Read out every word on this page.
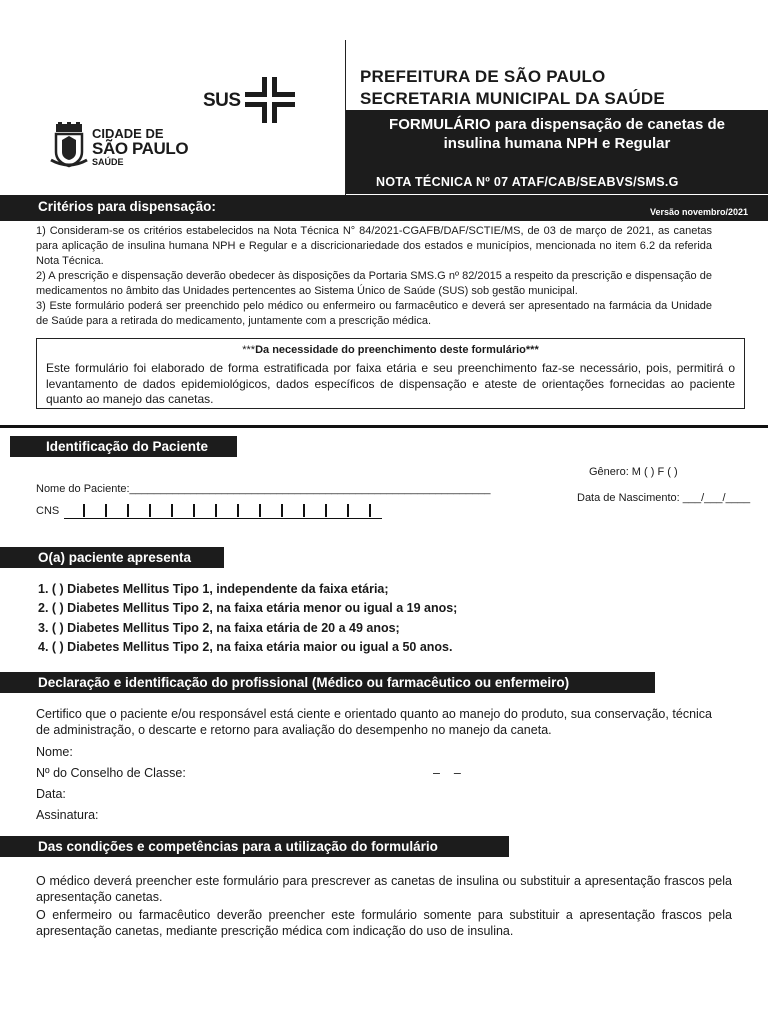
CIDADE DE
SÃO PAULO
SAÚDE
SUS
PREFEITURA DE SÃO PAULO
SECRETARIA MUNICIPAL DA SAÚDE
FORMULÁRIO para dispensação de canetas de
insulina humana NPH e Regular
NOTA TÉCNICA Nº 07 ATAF/CAB/SEABVS/SMS.G
Critérios para dispensação:	Versão novembro/2021

1) Consideram-se os critérios estabelecidos na Nota Técnica N° 84/2021-CGAFB/DAF/SCTIE/MS, de 03 de março de 2021, as canetas para aplicação de insulina humana NPH e Regular e a discricionariedade dos estados e municípios, mencionada no item 6.2 da referida Nota Técnica.

2) A prescrição e dispensação deverão obedecer às disposições da Portaria SMS.G nº 82/2015 a respeito da prescrição e dispensação de medicamentos no âmbito das Unidades pertencentes ao Sistema Único de Saúde (SUS) sob gestão municipal.

3) Este formulário poderá ser preenchido pelo médico ou enfermeiro ou farmacêutico e deverá ser apresentado na farmácia da Unidade de Saúde para a retirada do medicamento, juntamente com a prescrição médica.

***Da necessidade do preenchimento deste formulário***
Este formulário foi elaborado de forma estratificada por faixa etária e seu preenchimento faz-se necessário, pois, permitirá o levantamento de dados epidemiológicos, dados específicos de dispensação e ateste de orientações fornecidas ao paciente quanto ao manejo das canetas.
Identificação do Paciente
Gênero: M ( ) F ( )
Nome do Paciente:___________________________________________________________
Data de Nascimento: ___/___/____
CNS
O(a) paciente apresenta
1. ( ) Diabetes Mellitus Tipo 1, independente da faixa etária;
2. ( ) Diabetes Mellitus Tipo 2, na faixa etária menor ou igual a 19 anos;
3. ( ) Diabetes Mellitus Tipo 2, na faixa etária de 20 a 49 anos;
4. ( ) Diabetes Mellitus Tipo 2, na faixa etária maior ou igual a 50 anos.
Declaração e identificação do profissional (Médico ou farmacêutico ou enfermeiro)
Certifico que o paciente e/ou responsável está ciente e orientado quanto ao manejo do produto, sua conservação, técnica de administração, o descarte e retorno para avaliação do desempenho no manejo da caneta.
Nome:
Nº do Conselho de Classe:	–    –
Data:
Assinatura:
Das condições e competências para a utilização do formulário
O médico deverá preencher este formulário para prescrever as canetas de insulina ou substituir a apresentação frascos pela apresentação canetas.
O enfermeiro ou farmacêutico deverão preencher este formulário somente para substituir a apresentação frascos pela apresentação canetas, mediante prescrição médica com indicação do uso de insulina.
